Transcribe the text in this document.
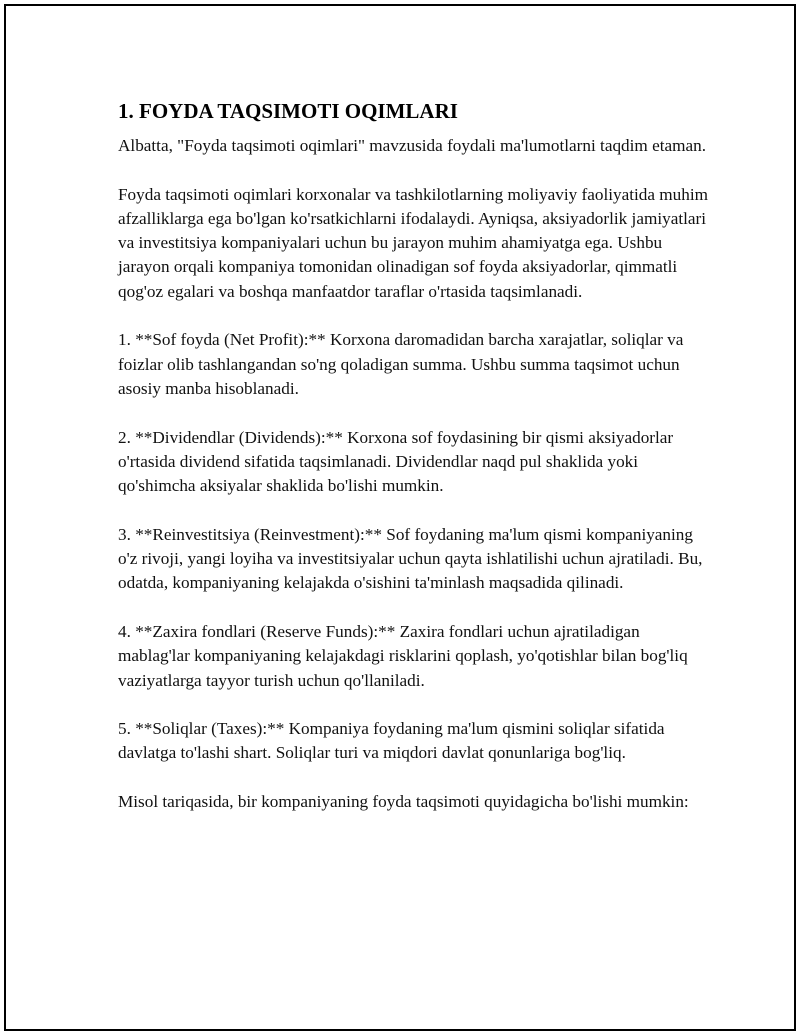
1. FOYDA TAQSIMOTI OQIMLARI

Albatta, "Foyda taqsimoti oqimlari" mavzusida foydali ma'lumotlarni taqdim etaman.

Foyda taqsimoti oqimlari korxonalar va tashkilotlarning moliyaviy faoliyatida muhim afzalliklarga ega bo'lgan ko'rsatkichlarni ifodalaydi. Ayniqsa, aksiyadorlik jamiyatlari va investitsiya kompaniyalari uchun bu jarayon muhim ahamiyatga ega. Ushbu jarayon orqali kompaniya tomonidan olinadigan sof foyda aksiyadorlar, qimmatli qog'oz egalari va boshqa manfaatdor taraflar o'rtasida taqsimlanadi.

1. **Sof foyda (Net Profit):** Korxona daromadidan barcha xarajatlar, soliqlar va foizlar olib tashlangandan so'ng qoladigan summa. Ushbu summa taqsimot uchun asosiy manba hisoblanadi.

2. **Dividendlar (Dividends):** Korxona sof foydasining bir qismi aksiyadorlar o'rtasida dividend sifatida taqsimlanadi. Dividendlar naqd pul shaklida yoki qo'shimcha aksiyalar shaklida bo'lishi mumkin.

3. **Reinvestitsiya (Reinvestment):** Sof foydaning ma'lum qismi kompaniyaning o'z rivoji, yangi loyiha va investitsiyalar uchun qayta ishlatilishi uchun ajratiladi. Bu, odatda, kompaniyaning kelajakda o'sishini ta'minlash maqsadida qilinadi.

4. **Zaxira fondlari (Reserve Funds):** Zaxira fondlari uchun ajratiladigan mablag'lar kompaniyaning kelajakdagi risklarini qoplash, yo'qotishlar bilan bog'liq vaziyatlarga tayyor turish uchun qo'llaniladi.

5. **Soliqlar (Taxes):** Kompaniya foydaning ma'lum qismini soliqlar sifatida davlatga to'lashi shart. Soliqlar turi va miqdori davlat qonunlariga bog'liq.

Misol tariqasida, bir kompaniyaning foyda taqsimoti quyidagicha bo'lishi mumkin:
